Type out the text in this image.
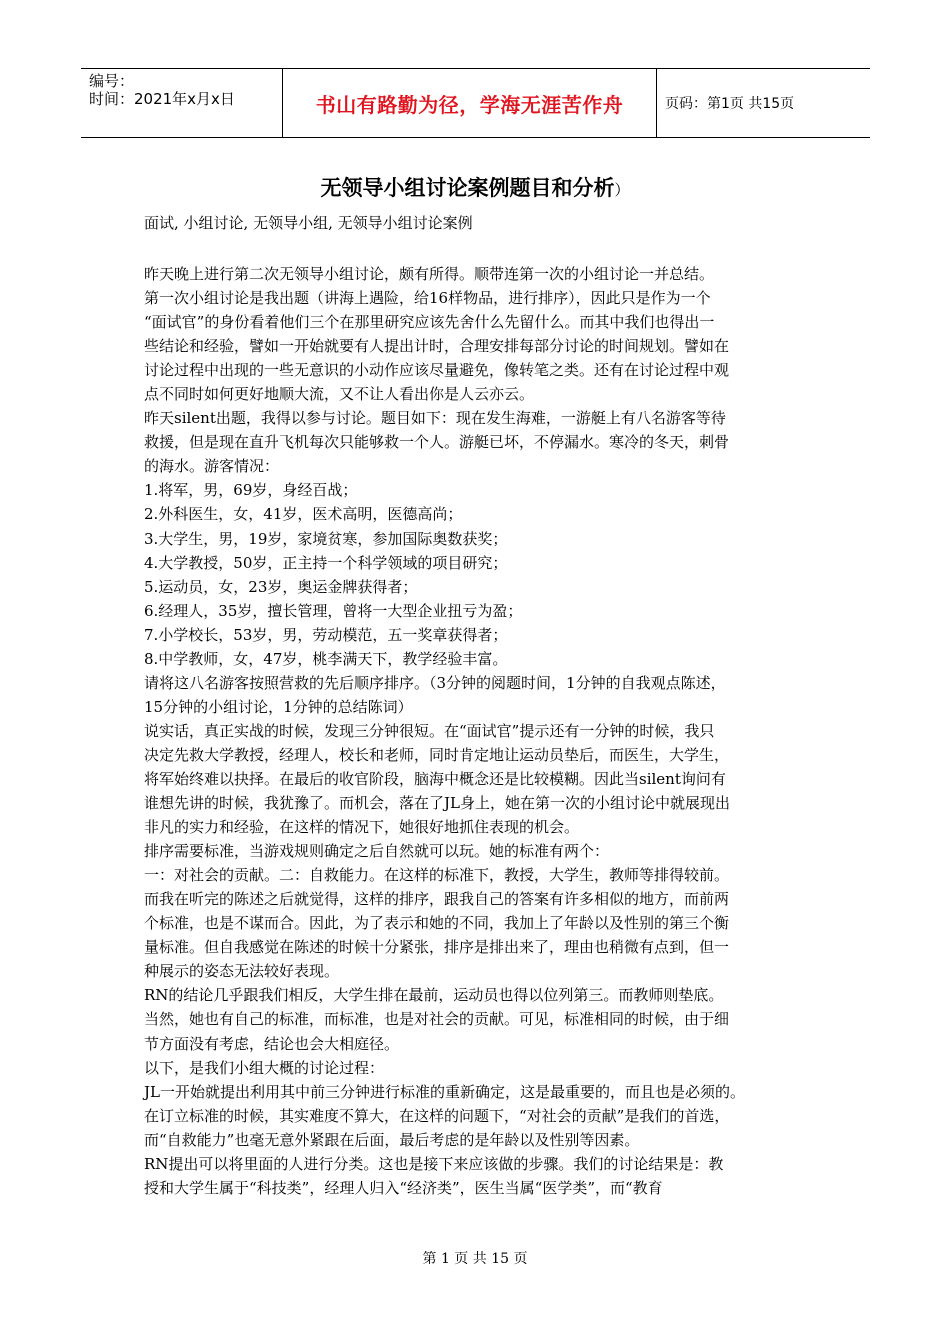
编号：
时间：2021年x月x日	书山有路勤为径，学海无涯苦作舟	页码：第1页 共15页
无领导小组讨论案例题目和分析）
面试, 小组讨论, 无领导小组, 无领导小组讨论案例
昨天晚上进行第二次无领导小组讨论，颇有所得。顺带连第一次的小组讨论一并总结。
第一次小组讨论是我出题（讲海上遇险，给16样物品，进行排序），因此只是作为一个
“面试官”的身份看着他们三个在那里研究应该先舍什么先留什么。而其中我们也得出一
些结论和经验，譬如一开始就要有人提出计时，合理安排每部分讨论的时间规划。譬如在
讨论过程中出现的一些无意识的小动作应该尽量避免，像转笔之类。还有在讨论过程中观
点不同时如何更好地顺大流，又不让人看出你是人云亦云。
昨天silent出题，我得以参与讨论。题目如下：现在发生海难，一游艇上有八名游客等待
救援，但是现在直升飞机每次只能够救一个人。游艇已坏，不停漏水。寒冷的冬天，刺骨
的海水。游客情况：
1.将军，男，69岁，身经百战；
2.外科医生，女，41岁，医术高明，医德高尚；
3.大学生，男，19岁，家境贫寒，参加国际奥数获奖；
4.大学教授，50岁，正主持一个科学领域的项目研究；
5.运动员，女，23岁，奥运金牌获得者；
6.经理人，35岁，擅长管理，曾将一大型企业扭亏为盈；
7.小学校长，53岁，男，劳动模范，五一奖章获得者；
8.中学教师，女，47岁，桃李满天下，教学经验丰富。
请将这八名游客按照营救的先后顺序排序。（3分钟的阅题时间，1分钟的自我观点陈述，
15分钟的小组讨论，1分钟的总结陈词）
说实话，真正实战的时候，发现三分钟很短。在“面试官”提示还有一分钟的时候，我只
决定先救大学教授，经理人，校长和老师，同时肯定地让运动员垫后，而医生，大学生，
将军始终难以抉择。在最后的收官阶段，脑海中概念还是比较模糊。因此当silent询问有
谁想先讲的时候，我犹豫了。而机会，落在了JL身上，她在第一次的小组讨论中就展现出
非凡的实力和经验，在这样的情况下，她很好地抓住表现的机会。
排序需要标准，当游戏规则确定之后自然就可以玩。她的标准有两个：
一：对社会的贡献。二：自救能力。在这样的标准下，教授，大学生，教师等排得较前。
而我在听完的陈述之后就觉得，这样的排序，跟我自己的答案有许多相似的地方，而前两
个标准，也是不谋而合。因此，为了表示和她的不同，我加上了年龄以及性别的第三个衡
量标准。但自我感觉在陈述的时候十分紧张，排序是排出来了，理由也稍微有点到，但一
种展示的姿态无法较好表现。
RN的结论几乎跟我们相反，大学生排在最前，运动员也得以位列第三。而教师则垫底。
当然，她也有自己的标准，而标准，也是对社会的贡献。可见，标准相同的时候，由于细
节方面没有考虑，结论也会大相庭径。
以下，是我们小组大概的讨论过程：
JL一开始就提出利用其中前三分钟进行标准的重新确定，这是最重要的，而且也是必须的。
在订立标准的时候，其实难度不算大，在这样的问题下，“对社会的贡献”是我们的首选，
而“自救能力”也毫无意外紧跟在后面，最后考虑的是年龄以及性别等因素。
RN提出可以将里面的人进行分类。这也是接下来应该做的步骤。我们的讨论结果是：教
授和大学生属于“科技类”，经理人归入“经济类”，医生当属“医学类”，而“教育
第 1 页 共 15 页
